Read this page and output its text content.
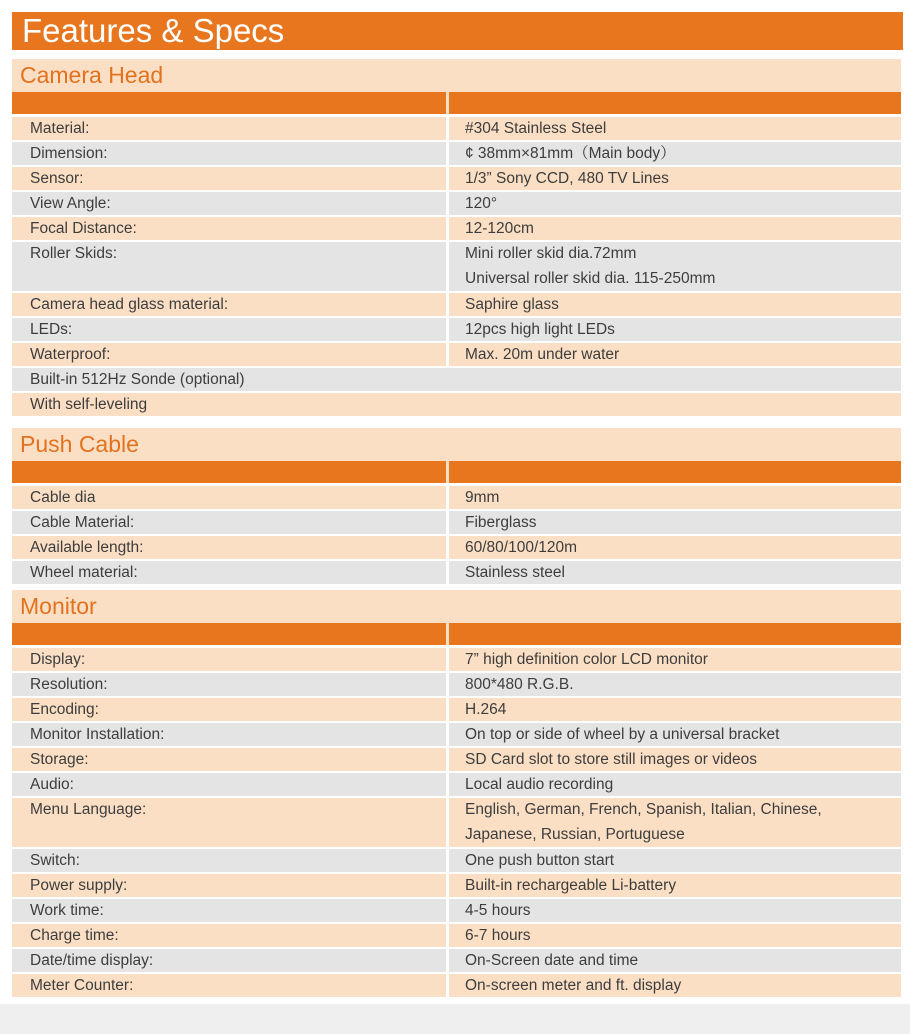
Features & Specs
Camera Head
Material:	#304 Stainless Steel
Dimension:	¢ 38mm×81mm（Main body）
Sensor:	1/3” Sony CCD, 480 TV Lines
View Angle:	120°
Focal Distance:	12-120cm
Roller Skids:	Mini roller skid dia.72mm
Universal roller skid dia. 115-250mm
Camera head glass material:	Saphire glass
LEDs:	12pcs high light LEDs
Waterproof:	Max. 20m under water
Built-in 512Hz Sonde (optional)
With self-leveling
Push Cable
Cable dia	9mm
Cable Material:	Fiberglass
Available length:	60/80/100/120m
Wheel material:	Stainless steel
Monitor
Display:	7” high definition color LCD monitor
Resolution:	800*480 R.G.B.
Encoding:	H.264
Monitor Installation:	On top or side of wheel by a universal bracket
Storage:	SD Card slot to store still images or videos
Audio:	Local audio recording
Menu Language:	English, German, French, Spanish, Italian, Chinese,
Japanese, Russian, Portuguese
Switch:	One push button start
Power supply:	Built-in rechargeable Li-battery
Work time:	4-5 hours
Charge time:	6-7 hours
Date/time display:	On-Screen date and time
Meter Counter:	On-screen meter and ft. display
